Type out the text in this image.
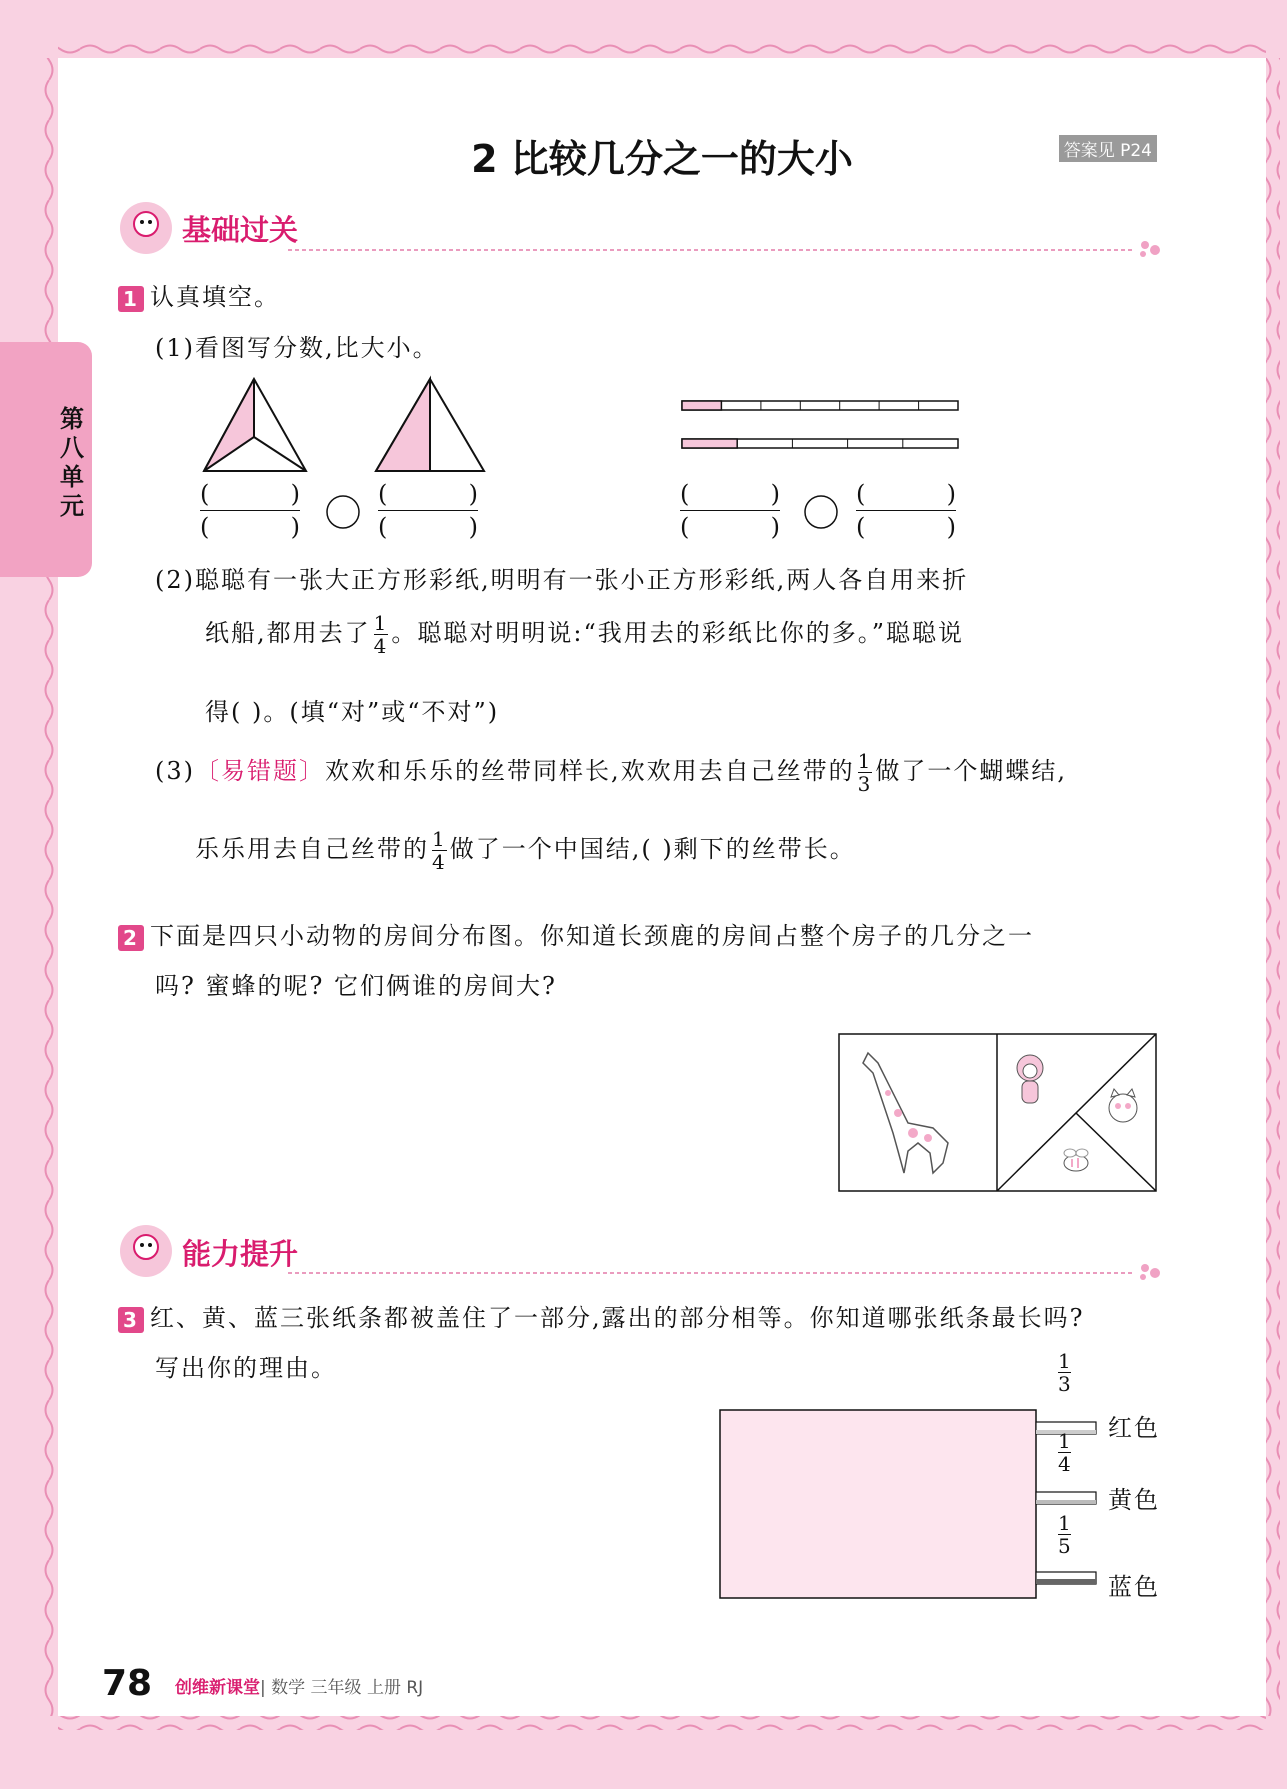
第八单元
2 比较几分之一的大小	答案见 P24
基础过关
1 认真填空。
(1)看图写分数,比大小。
(	)
(	)
(	)
(	)
(	)
(	)
(	)
(	)
(2)聪聪有一张大正方形彩纸,明明有一张小正方形彩纸,两人各自用来折
纸船,都用去了 $\frac{1}{4}$ 。聪聪对明明说:“我用去的彩纸比你的多。”聪聪说
得( )。(填“对”或“不对”)
(3)〔易错题〕欢欢和乐乐的丝带同样长,欢欢用去自己丝带的 $\frac{1}{3}$ 做了一个蝴蝶结,
乐乐用去自己丝带的 $\frac{1}{4}$ 做了一个中国结,( )剩下的丝带长。
2 下面是四只小动物的房间分布图。你知道长颈鹿的房间占整个房子的几分之一
吗? 蜜蜂的呢? 它们俩谁的房间大?
能力提升
3 红、黄、蓝三张纸条都被盖住了一部分,露出的部分相等。你知道哪张纸条最长吗?
写出你的理由。	$\frac{1}{3}$
$\frac{1}{4}$
$\frac{1}{5}$
红色
黄色
蓝色
78 创维新课堂| 数学 三年级 上册 RJ
